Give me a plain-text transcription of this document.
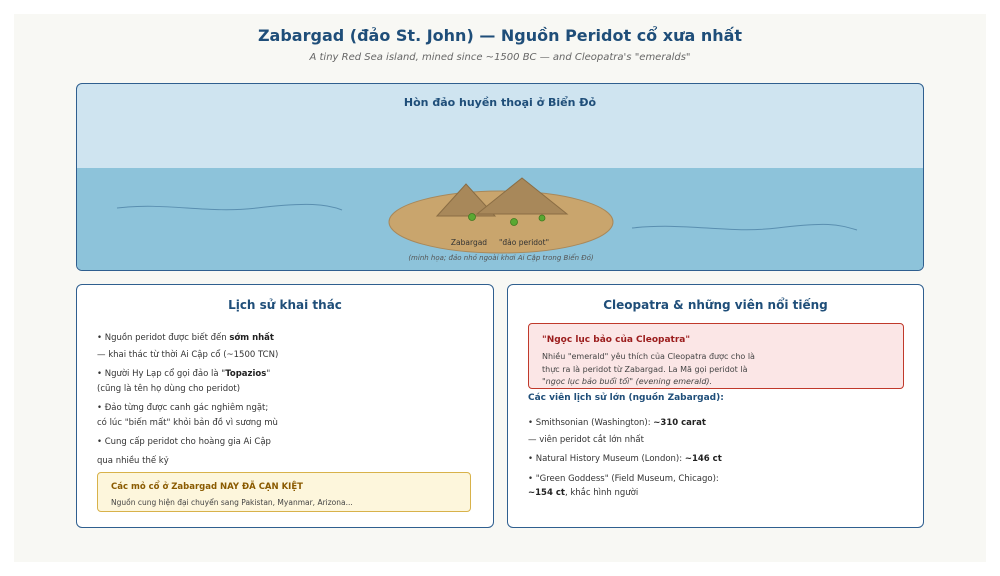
Zabargad (đảo St. John) — Nguồn Peridot cổ xưa nhất
A tiny Red Sea island, mined since ~1500 BC — and Cleopatra's "emeralds"
Zabargad "đảo peridot"
(minh họa; đảo nhỏ ngoài khơi Ai Cập trong Biển Đỏ)
Hòn đảo huyền thoại ở Biển Đỏ
Lịch sử khai thác
• Nguồn peridot được biết đến sớm nhất
— khai thác từ thời Ai Cập cổ (~1500 TCN)
• Người Hy Lạp cổ gọi đảo là "Topazios"
(cũng là tên họ dùng cho peridot)
• Đảo từng được canh gác nghiêm ngặt;
có lúc "biến mất" khỏi bản đồ vì sương mù
• Cung cấp peridot cho hoàng gia Ai Cập
qua nhiều thế kỷ
Các mỏ cổ ở Zabargad NAY ĐÃ CẠN KIỆT
Nguồn cung hiện đại chuyển sang Pakistan, Myanmar, Arizona...
Cleopatra & những viên nổi tiếng
"Ngọc lục bảo của Cleopatra"
Nhiều "emerald" yêu thích của Cleopatra được cho là
thực ra là peridot từ Zabargad. La Mã gọi peridot là
"ngọc lục bảo buổi tối" (evening emerald).
Các viên lịch sử lớn (nguồn Zabargad):
• Smithsonian (Washington): ~310 carat
— viên peridot cắt lớn nhất
• Natural History Museum (London): ~146 ct
• "Green Goddess" (Field Museum, Chicago):
~154 ct, khắc hình người
